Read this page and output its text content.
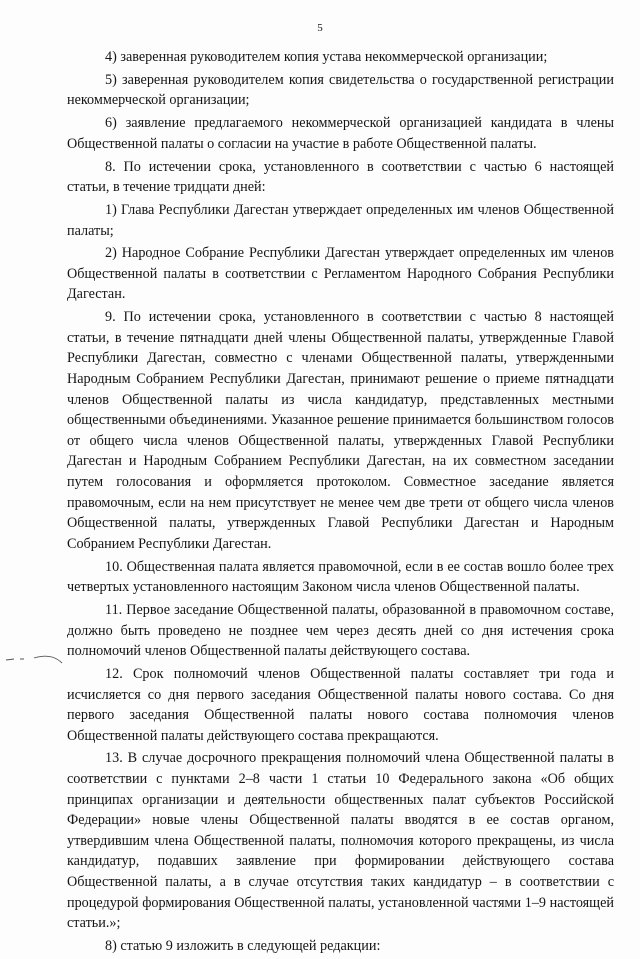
5

4) заверенная руководителем копия устава некоммерческой организации;

5) заверенная руководителем копия свидетельства о государственной регистрации некоммерческой организации;

6) заявление предлагаемого некоммерческой организацией кандидата в члены Общественной палаты о согласии на участие в работе Общественной палаты.

8. По истечении срока, установленного в соответствии с частью 6 настоящей статьи, в течение тридцати дней:

1) Глава Республики Дагестан утверждает определенных им членов Общественной палаты;

2) Народное Собрание Республики Дагестан утверждает определенных им членов Общественной палаты в соответствии с Регламентом Народного Собрания Республики Дагестан.

9. По истечении срока, установленного в соответствии с частью 8 настоящей статьи, в течение пятнадцати дней члены Общественной палаты, утвержденные Главой Республики Дагестан, совместно с членами Общественной палаты, утвержденными Народным Собранием Республики Дагестан, принимают решение о приеме пятнадцати членов Общественной палаты из числа кандидатур, представленных местными общественными объединениями. Указанное решение принимается большинством голосов от общего числа членов Общественной палаты, утвержденных Главой Республики Дагестан и Народным Собранием Республики Дагестан, на их совместном заседании путем голосования и оформляется протоколом. Совместное заседание является правомочным, если на нем присутствует не менее чем две трети от общего числа членов Общественной палаты, утвержденных Главой Республики Дагестан и Народным Собранием Республики Дагестан.

10. Общественная палата является правомочной, если в ее состав вошло более трех четвертых установленного настоящим Законом числа членов Общественной палаты.

11. Первое заседание Общественной палаты, образованной в правомочном составе, должно быть проведено не позднее чем через десять дней со дня истечения срока полномочий членов Общественной палаты действующего состава.

12. Срок полномочий членов Общественной палаты составляет три года и исчисляется со дня первого заседания Общественной палаты нового состава. Со дня первого заседания Общественной палаты нового состава полномочия членов Общественной палаты действующего состава прекращаются.

13. В случае досрочного прекращения полномочий члена Общественной палаты в соответствии с пунктами 2–8 части 1 статьи 10 Федерального закона «Об общих принципах организации и деятельности общественных палат субъектов Российской Федерации» новые члены Общественной палаты вводятся в ее состав органом, утвердившим члена Общественной палаты, полномочия которого прекращены, из числа кандидатур, подавших заявление при формировании действующего состава Общественной палаты, а в случае отсутствия таких кандидатур – в соответствии с процедурой формирования Общественной палаты, установленной частями 1–9 настоящей статьи.»;

8) статью 9 изложить в следующей редакции:
